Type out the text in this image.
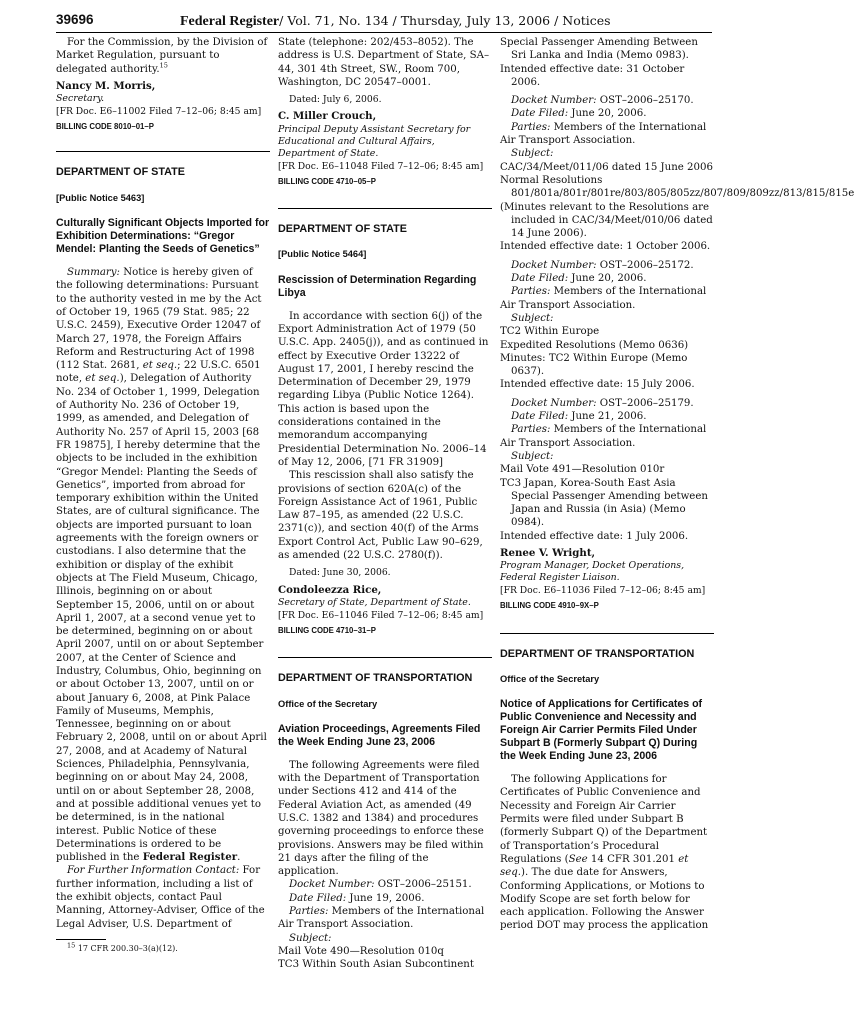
39696	Federal Register/ Vol. 71, No. 134 / Thursday, July 13, 2006 / Notices

For the Commission, by the Division of Market Regulation, pursuant to delegated authority.$^{15}$

Nancy M. Morris,

Secretary.

[FR Doc. E6–11002 Filed 7–12–06; 8:45 am]

BILLING CODE 8010–01–P

DEPARTMENT OF STATE

[Public Notice 5463]

Culturally Significant Objects Imported for Exhibition Determinations: “Gregor Mendel: Planting the Seeds of Genetics”

Summary: Notice is hereby given of the following determinations: Pursuant to the authority vested in me by the Act of October 19, 1965 (79 Stat. 985; 22 U.S.C. 2459), Executive Order 12047 of March 27, 1978, the Foreign Affairs Reform and Restructuring Act of 1998 (112 Stat. 2681, et seq.; 22 U.S.C. 6501 note, et seq.), Delegation of Authority No. 234 of October 1, 1999, Delegation of Authority No. 236 of October 19, 1999, as amended, and Delegation of Authority No. 257 of April 15, 2003 [68 FR 19875], I hereby determine that the objects to be included in the exhibition “Gregor Mendel: Planting the Seeds of Genetics”, imported from abroad for temporary exhibition within the United States, are of cultural significance. The objects are imported pursuant to loan agreements with the foreign owners or custodians. I also determine that the exhibition or display of the exhibit objects at The Field Museum, Chicago, Illinois, beginning on or about September 15, 2006, until on or about April 1, 2007, at a second venue yet to be determined, beginning on or about April 2007, until on or about September 2007, at the Center of Science and Industry, Columbus, Ohio, beginning on or about October 13, 2007, until on or about January 6, 2008, at Pink Palace Family of Museums, Memphis, Tennessee, beginning on or about February 2, 2008, until on or about April 27, 2008, and at Academy of Natural Sciences, Philadelphia, Pennsylvania, beginning on or about May 24, 2008, until on or about September 28, 2008, and at possible additional venues yet to be determined, is in the national interest. Public Notice of these Determinations is ordered to be published in the Federal Register.

For Further Information Contact: For further information, including a list of the exhibit objects, contact Paul Manning, Attorney-Adviser, Office of the Legal Adviser, U.S. Department of

$^{15}$ 17 CFR 200.30–3(a)(12).

State (telephone: 202/453–8052). The address is U.S. Department of State, SA–44, 301 4th Street, SW., Room 700, Washington, DC 20547–0001.

Dated: July 6, 2006.

C. Miller Crouch,

Principal Deputy Assistant Secretary for Educational and Cultural Affairs, Department of State.

[FR Doc. E6–11048 Filed 7–12–06; 8:45 am]

BILLING CODE 4710–05–P

DEPARTMENT OF STATE

[Public Notice 5464]

Rescission of Determination Regarding Libya

In accordance with section 6(j) of the Export Administration Act of 1979 (50 U.S.C. App. 2405(j)), and as continued in effect by Executive Order 13222 of August 17, 2001, I hereby rescind the Determination of December 29, 1979 regarding Libya (Public Notice 1264). This action is based upon the considerations contained in the memorandum accompanying Presidential Determination No. 2006–14 of May 12, 2006, [71 FR 31909]

This rescission shall also satisfy the provisions of section 620A(c) of the Foreign Assistance Act of 1961, Public Law 87–195, as amended (22 U.S.C. 2371(c)), and section 40(f) of the Arms Export Control Act, Public Law 90–629, as amended (22 U.S.C. 2780(f)).

Dated: June 30, 2006.

Condoleezza Rice,

Secretary of State, Department of State.

[FR Doc. E6–11046 Filed 7–12–06; 8:45 am]

BILLING CODE 4710–31–P

DEPARTMENT OF TRANSPORTATION

Office of the Secretary

Aviation Proceedings, Agreements Filed the Week Ending June 23, 2006

The following Agreements were filed with the Department of Transportation under Sections 412 and 414 of the Federal Aviation Act, as amended (49 U.S.C. 1382 and 1384) and procedures governing proceedings to enforce these provisions. Answers may be filed within 21 days after the filing of the application.

Docket Number: OST–2006–25151.

Date Filed: June 19, 2006.

Parties: Members of the International

Air Transport Association.

Subject:

Mail Vote 490—Resolution 010q

TC3 Within South Asian Subcontinent

Special Passenger Amending Between Sri Lanka and India (Memo 0983).

Intended effective date: 31 October 2006.

Docket Number: OST–2006–25170.

Date Filed: June 20, 2006.

Parties: Members of the International

Air Transport Association.

Subject:

CAC/34/Meet/011/06 dated 15 June 2006

Normal Resolutions 801/801a/801r/801re/803/805/805zz/807/809/809zz/813/815/815e

(Minutes relevant to the Resolutions are included in CAC/34/Meet/010/06 dated 14 June 2006).

Intended effective date: 1 October 2006.

Docket Number: OST–2006–25172.

Date Filed: June 20, 2006.

Parties: Members of the International

Air Transport Association.

Subject:

TC2 Within Europe

Expedited Resolutions (Memo 0636)

Minutes: TC2 Within Europe (Memo 0637).

Intended effective date: 15 July 2006.

Docket Number: OST–2006–25179.

Date Filed: June 21, 2006.

Parties: Members of the International

Air Transport Association.

Subject:

Mail Vote 491—Resolution 010r

TC3 Japan, Korea-South East Asia Special Passenger Amending between Japan and Russia (in Asia) (Memo 0984).

Intended effective date: 1 July 2006.

Renee V. Wright,

Program Manager, Docket Operations, Federal Register Liaison.

[FR Doc. E6–11036 Filed 7–12–06; 8:45 am]

BILLING CODE 4910–9X–P

DEPARTMENT OF TRANSPORTATION

Office of the Secretary

Notice of Applications for Certificates of Public Convenience and Necessity and Foreign Air Carrier Permits Filed Under Subpart B (Formerly Subpart Q) During the Week Ending June 23, 2006

The following Applications for Certificates of Public Convenience and Necessity and Foreign Air Carrier Permits were filed under Subpart B (formerly Subpart Q) of the Department of Transportation’s Procedural Regulations (See 14 CFR 301.201 et seq.). The due date for Answers, Conforming Applications, or Motions to Modify Scope are set forth below for each application. Following the Answer period DOT may process the application
